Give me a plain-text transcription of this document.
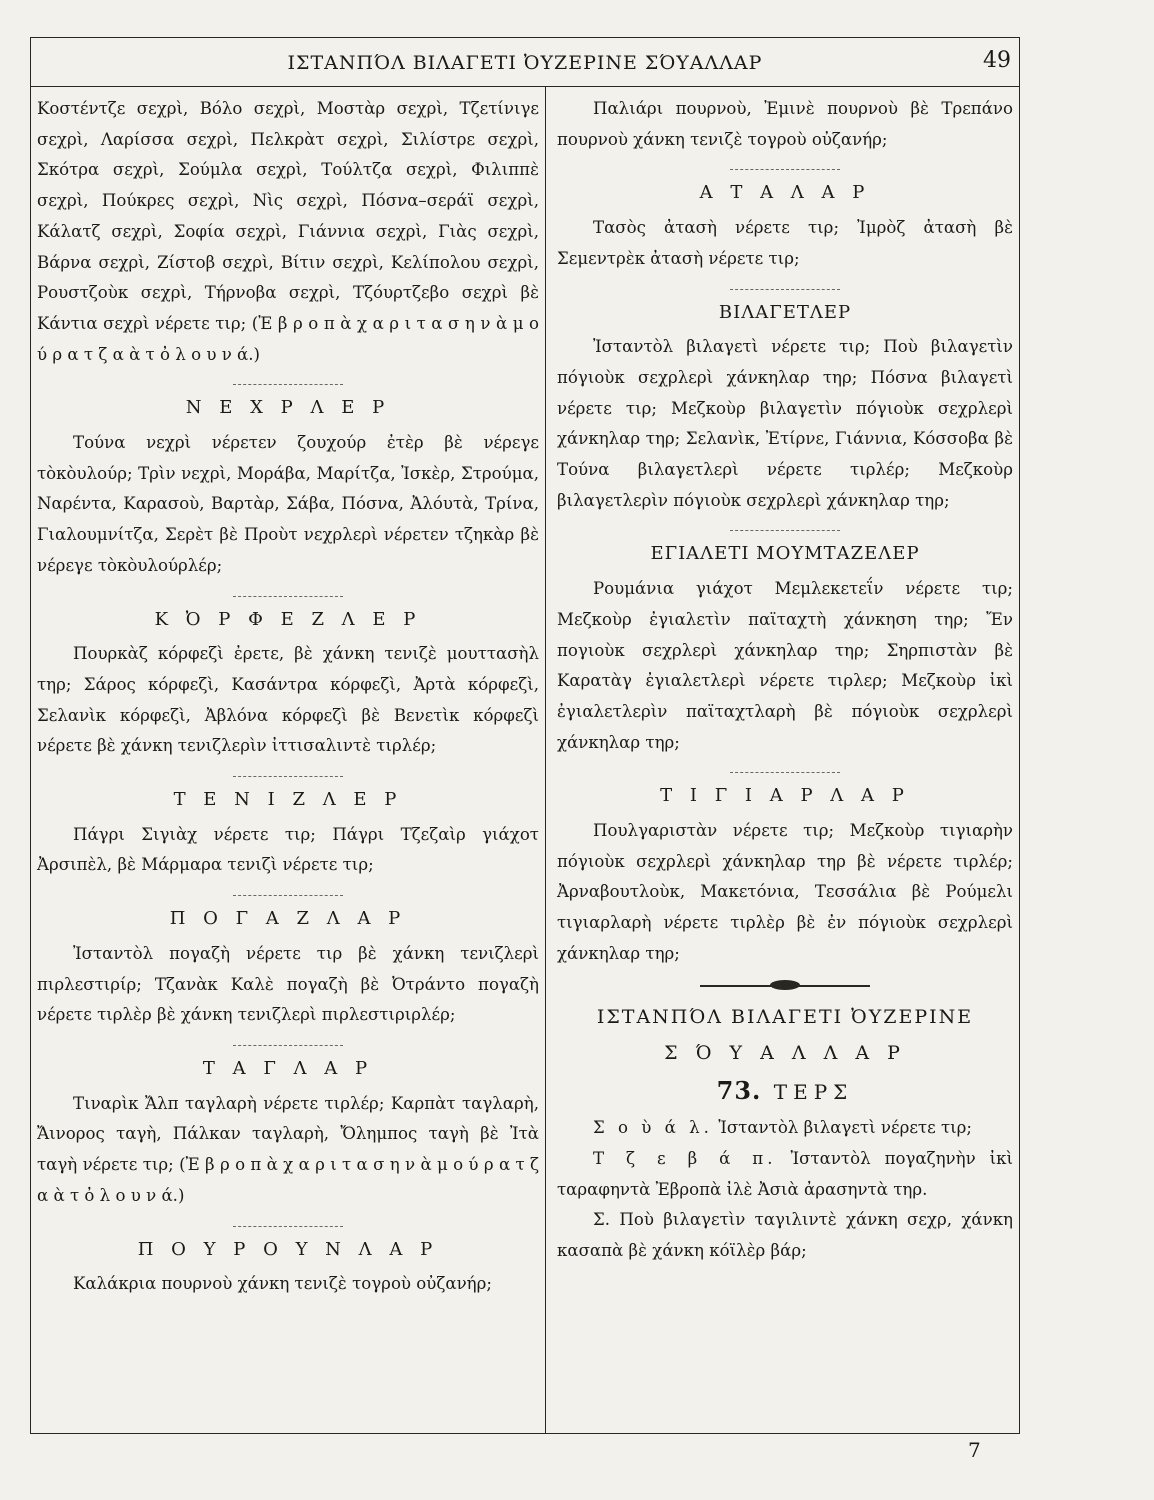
ΙΣΤΑΝΠΌΛ ΒΙΛΑΓΕΤΙ ὈΥΖΕΡΙΝΕ ΣΌΥΑΛΛΑΡ	49

Κοστέντζε σεχρὶ, Βόλο σεχρὶ, Μοστὰρ σεχρὶ, Τζετίνιγε σεχρὶ, Λαρίσσα σεχρὶ, Πελκρὰτ σεχρὶ, Σιλίστρε σεχρὶ, Σκότρα σεχρὶ, Σούμλα σεχρὶ, Τούλτζα σεχρὶ, Φιλιππὲ σεχρὶ, Πούκρες σεχρὶ, Νὶς σεχρὶ, Πόσνα–σεράϊ σεχρὶ, Κάλατζ σεχρὶ, Σοφία σεχρὶ, Γιάννια σεχρὶ, Γιὰς σεχρὶ, Βάρνα σεχρὶ, Ζίστοβ σεχρὶ, Βίτιν σεχρὶ, Κελίπολου σεχρὶ, Ρουστζοὺκ σεχρὶ, Τήρνοβα σεχρὶ, Τζόυρτζεβο σεχρὶ βὲ Κάντια σεχρὶ νέρετε τιρ; (Ἐ β ρ ο π ὰ χ α ρ ι τ α σ η ν ὰ μ ο ύ ρ α τ ζ α ὰ τ ὀ λ ο υ ν ά.)

Ν Ε Χ Ρ Λ Ε Ρ

Τούνα νεχρὶ νέρετεν ζουχούρ ἐτὲρ βὲ νέρεγε τὸκὸυλούρ; Τρὶν νεχρὶ, Μοράβα, Μαρίτζα, Ἰσκὲρ, Στρούμα, Ναρέντα, Καρασοὺ, Βαρτὰρ, Σάβα, Πόσνα, Ἀλόυτὰ, Τρίνα, Γιαλουμνίτζα, Σερὲτ βὲ Προὺτ νεχρλερὶ νέρετεν τζηκὰρ βὲ νέρεγε τὸκὸυλούρλέρ;

Κ Ὀ Ρ Φ Ε Ζ Λ Ε Ρ

Πουρκὰζ κόρφεζὶ ἐρετε, βὲ χάνκη τενιζὲ μουττασὴλ τηρ; Σάρος κόρφεζὶ, Κασάντρα κόρφεζὶ, Ἀρτὰ κόρφεζὶ, Σελανὶκ κόρφεζὶ, Ἀβλόνα κόρφεζὶ βὲ Βενετὶκ κόρφεζὶ νέρετε βὲ χάνκη τενιζλερὶν ἰττισαλιντὲ τιρλέρ;

Τ Ε Ν Ι Ζ Λ Ε Ρ

Πάγρι Σιγιὰχ νέρετε τιρ; Πάγρι Τζεζαὶρ γιάχοτ Ἀρσιπὲλ, βὲ Μάρμαρα τενιζὶ νέρετε τιρ;

Π Ο Γ Α Ζ Λ Α Ρ

Ἰσταντὸλ πογαζὴ νέρετε τιρ βὲ χάνκη τενιζλερὶ πιρλεστιρίρ; Τζανὰκ Καλὲ πογαζὴ βὲ Ὀτράντο πογαζὴ νέρετε τιρλὲρ βὲ χάνκη τενιζλερὶ πιρλεστιριρλέρ;

Τ Α Γ Λ Α Ρ

Τιναρὶκ Ἄλπ ταγλαρὴ νέρετε τιρλέρ; Καρπὰτ ταγλαρὴ, Ἄινορος ταγὴ, Πάλκαν ταγλαρὴ, Ὄλημπος ταγὴ βὲ Ἰτὰ ταγὴ νέρετε τιρ; (Ἐ β ρ ο π ὰ χ α ρ ι τ α σ η ν ὰ μ ο ύ ρ α τ ζ α ὰ τ ὀ λ ο υ ν ά.)

Π Ο Υ Ρ Ο Υ Ν Λ Α Ρ

Καλάκρια πουρνοὺ χάνκη τενιζὲ τογροὺ οὐζανήρ;

Παλιάρι πουρνοὺ, Ἐμινὲ πουρνοὺ βὲ Τρεπάνο πουρνοὺ χάνκη τενιζὲ τογροὺ οὐζανήρ;

Α Τ Α Λ Α Ρ

Τασὸς ἀτασὴ νέρετε τιρ; Ἰμρὸζ ἀτασὴ βὲ Σεμεντρὲκ ἀτασὴ νέρετε τιρ;

ΒΙΛΑΓΕΤΛΕΡ

Ἰσταντὸλ βιλαγετὶ νέρετε τιρ; Ποὺ βιλαγετὶν πόγιοὺκ σεχρλερὶ χάνκηλαρ τηρ; Πόσνα βιλαγετὶ νέρετε τιρ; Μεζκοὺρ βιλαγετὶν πόγιοὺκ σεχρλερὶ χάνκηλαρ τηρ; Σελανὶκ, Ἐτίρνε, Γιάννια, Κόσσοβα βὲ Τούνα βιλαγετλερὶ νέρετε τιρλέρ; Μεζκοὺρ βιλαγετλερὶν πόγιοὺκ σεχρλερὶ χάνκηλαρ τηρ;

ΕΓΙΑΛΕΤΙ ΜΟΥΜΤΑΖΕΛΕΡ

Ρουμάνια γιάχοτ Μεμλεκετεΐν νέρετε τιρ; Μεζκοὺρ ἐγιαλετὶν παϊταχτὴ χάνκηση τηρ; Ἔν πογιοὺκ σεχρλερὶ χάνκηλαρ τηρ; Σηρπιστὰν βὲ Καρατὰγ ἐγιαλετλερὶ νέρετε τιρλερ; Μεζκοὺρ ἰκὶ ἐγιαλετλερὶν παϊταχτλαρὴ βὲ πόγιοὺκ σεχρλερὶ χάνκηλαρ τηρ;

Τ Ι Γ Ι Α Ρ Λ Α Ρ

Πουλγαριστὰν νέρετε τιρ; Μεζκοὺρ τιγιαρὴν πόγιοὺκ σεχρλερὶ χάνκηλαρ τηρ βὲ νέρετε τιρλέρ; Ἀρναβουτλοὺκ, Μακετόνια, Τεσσάλια βὲ Ρούμελι τιγιαρλαρὴ νέρετε τιρλὲρ βὲ ἐν πόγιοὺκ σεχρλερὶ χάνκηλαρ τηρ;

ΙΣΤΑΝΠΌΛ ΒΙΛΑΓΕΤΙ ὈΥΖΕΡΙΝΕ
Σ Ό Υ Α Λ Λ Α Ρ
73. ΤΕΡΣ

Σ ο ὺ ά λ. Ἰσταντὸλ βιλαγετὶ νέρετε τιρ;

Τ ζ ε β ά π. Ἰσταντὸλ πογαζηνὴν ἰκὶ ταραφηντὰ Ἐβροπὰ ἰλὲ Ἀσιὰ ἀρασηντὰ τηρ.

Σ. Ποὺ βιλαγετὶν ταγιλιντὲ χάνκη σεχρ, χάνκη κασαπὰ βὲ χάνκη κόϊλὲρ βάρ;

7
